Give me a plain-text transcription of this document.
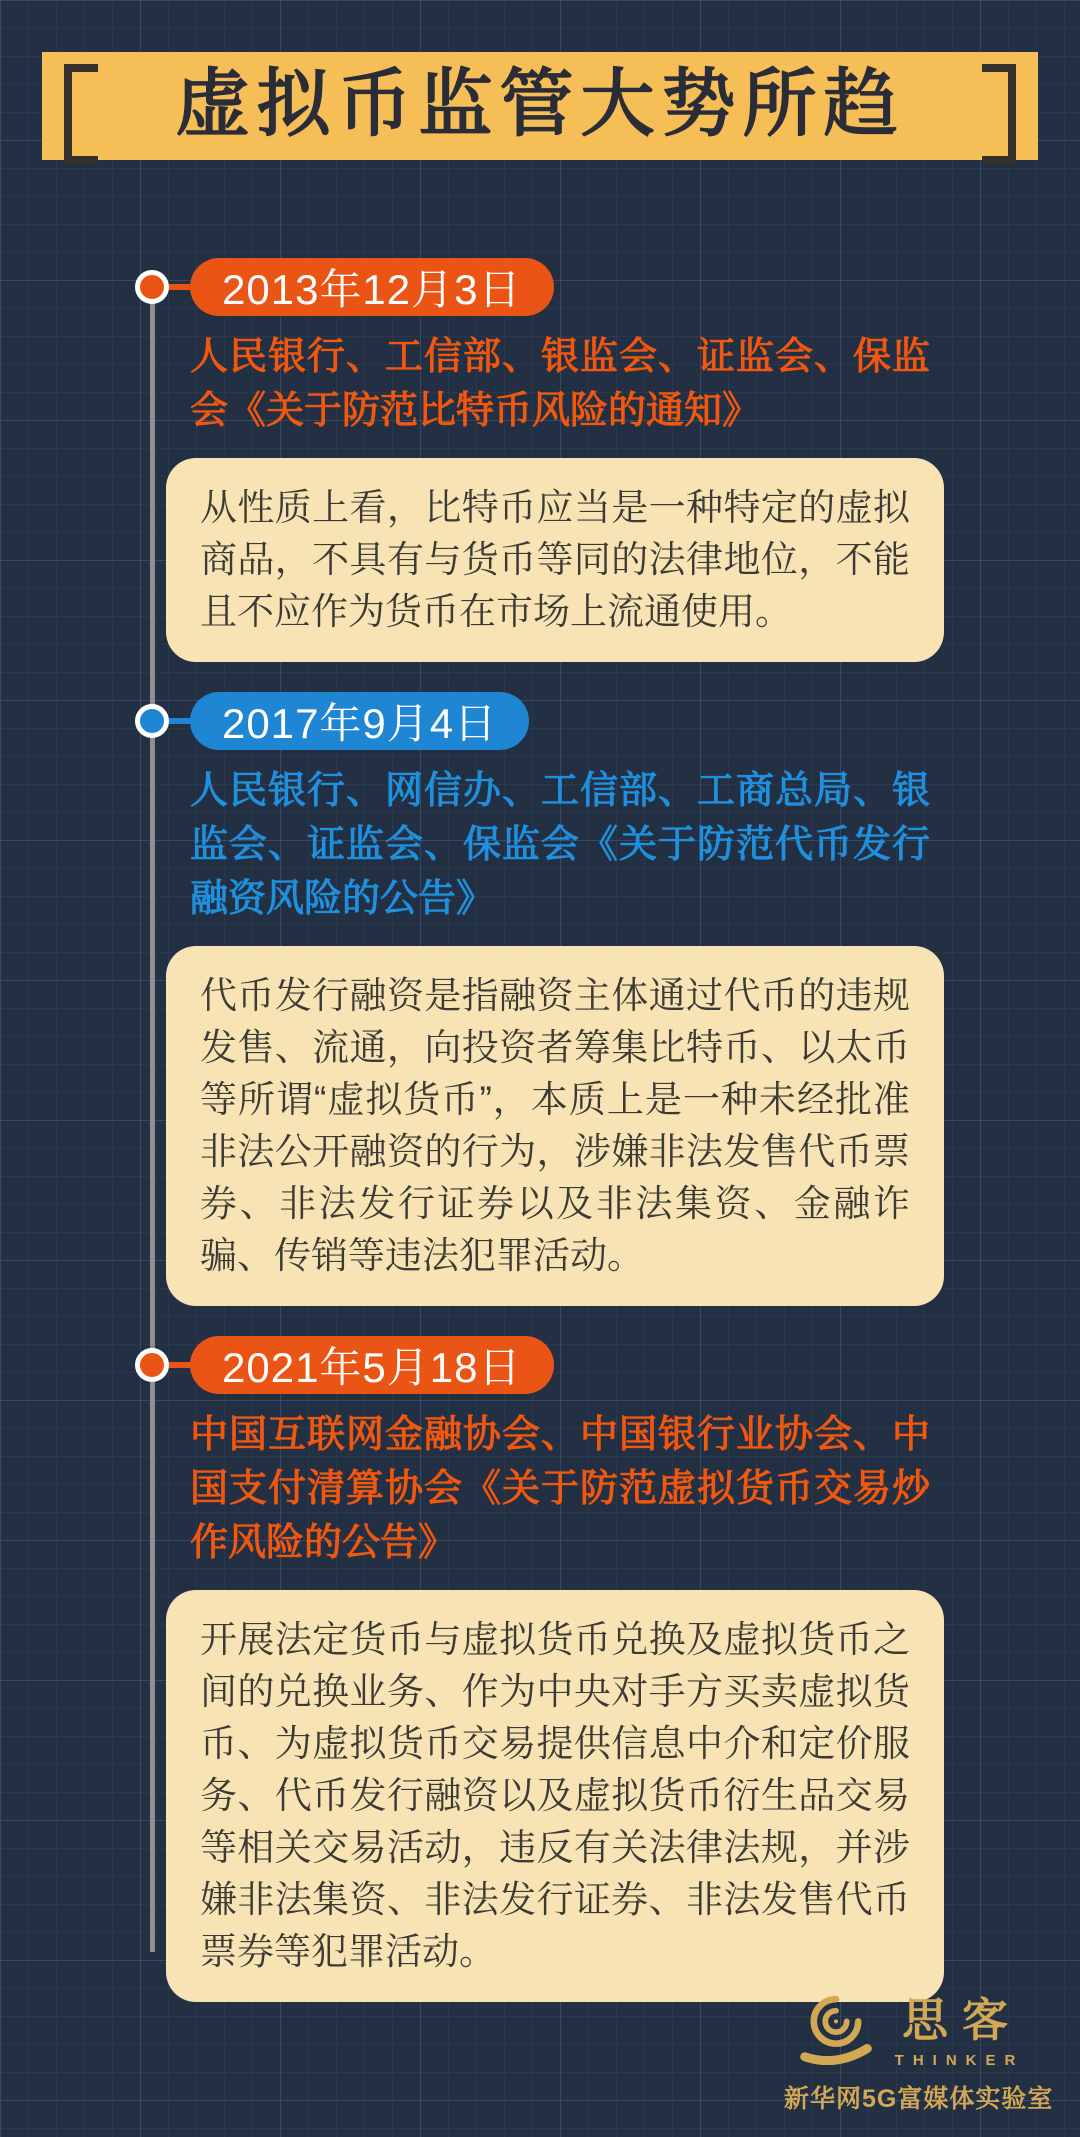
虚拟币监管大势所趋
2013年12月3日
人民银行、工信部、银监会、证监会、保监会《关于防范比特币风险的通知》
从性质上看，比特币应当是一种特定的虚拟商品，不具有与货币等同的法律地位，不能且不应作为货币在市场上流通使用。
2017年9月4日
人民银行、网信办、工信部、工商总局、银监会、证监会、保监会《关于防范代币发行融资风险的公告》
代币发行融资是指融资主体通过代币的违规发售、流通，向投资者筹集比特币、以太币等所谓“虚拟货币”，本质上是一种未经批准非法公开融资的行为，涉嫌非法发售代币票券、非法发行证券以及非法集资、金融诈骗、传销等违法犯罪活动。
2021年5月18日
中国互联网金融协会、中国银行业协会、中国支付清算协会《关于防范虚拟货币交易炒作风险的公告》
开展法定货币与虚拟货币兑换及虚拟货币之间的兑换业务、作为中央对手方买卖虚拟货币、为虚拟货币交易提供信息中介和定价服务、代币发行融资以及虚拟货币衍生品交易等相关交易活动，违反有关法律法规，并涉嫌非法集资、非法发行证券、非法发售代币票券等犯罪活动。
思客
THINKER
新华网5G富媒体实验室
